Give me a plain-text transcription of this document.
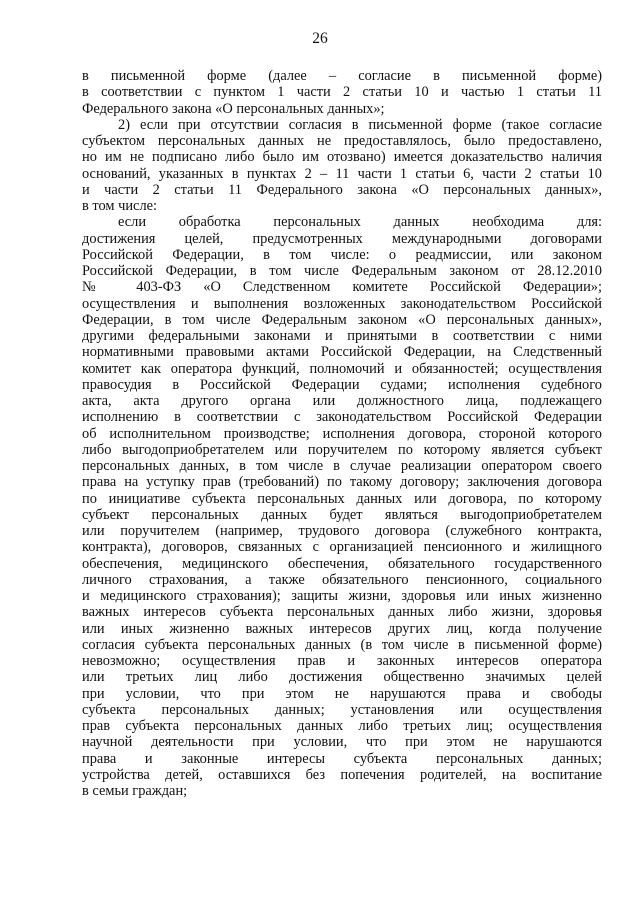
26
в письменной форме (далее – согласие в письменной форме)
в соответствии с пунктом 1 части 2 статьи 10 и частью 1 статьи 11
Федерального закона «О персональных данных»;
2) если при отсутствии согласия в письменной форме (такое согласие
субъектом персональных данных не предоставлялось, было предоставлено,
но им не подписано либо было им отозвано) имеется доказательство наличия
оснований, указанных в пунктах 2 – 11 части 1 статьи 6, части 2 статьи 10
и части 2 статьи 11 Федерального закона «О персональных данных»,
в том числе:
если обработка персональных данных необходима для:
достижения целей, предусмотренных международными договорами
Российской Федерации, в том числе: о реадмиссии, или законом
Российской Федерации, в том числе Федеральным законом от 28.12.2010
№ 403-ФЗ «О Следственном комитете Российской Федерации»;
осуществления и выполнения возложенных законодательством Российской
Федерации, в том числе Федеральным законом «О персональных данных»,
другими федеральными законами и принятыми в соответствии с ними
нормативными правовыми актами Российской Федерации, на Следственный
комитет как оператора функций, полномочий и обязанностей; осуществления
правосудия в Российской Федерации судами; исполнения судебного
акта, акта другого органа или должностного лица, подлежащего
исполнению в соответствии с законодательством Российской Федерации
об исполнительном производстве; исполнения договора, стороной которого
либо выгодоприобретателем или поручителем по которому является субъект
персональных данных, в том числе в случае реализации оператором своего
права на уступку прав (требований) по такому договору; заключения договора
по инициативе субъекта персональных данных или договора, по которому
субъект персональных данных будет являться выгодоприобретателем
или поручителем (например, трудового договора (служебного контракта,
контракта), договоров, связанных с организацией пенсионного и жилищного
обеспечения, медицинского обеспечения, обязательного государственного
личного страхования, а также обязательного пенсионного, социального
и медицинского страхования); защиты жизни, здоровья или иных жизненно
важных интересов субъекта персональных данных либо жизни, здоровья
или иных жизненно важных интересов других лиц, когда получение
согласия субъекта персональных данных (в том числе в письменной форме)
невозможно; осуществления прав и законных интересов оператора
или третьих лиц либо достижения общественно значимых целей
при условии, что при этом не нарушаются права и свободы
субъекта персональных данных; установления или осуществления
прав субъекта персональных данных либо третьих лиц; осуществления
научной деятельности при условии, что при этом не нарушаются
права и законные интересы субъекта персональных данных;
устройства детей, оставшихся без попечения родителей, на воспитание
в семьи граждан;
